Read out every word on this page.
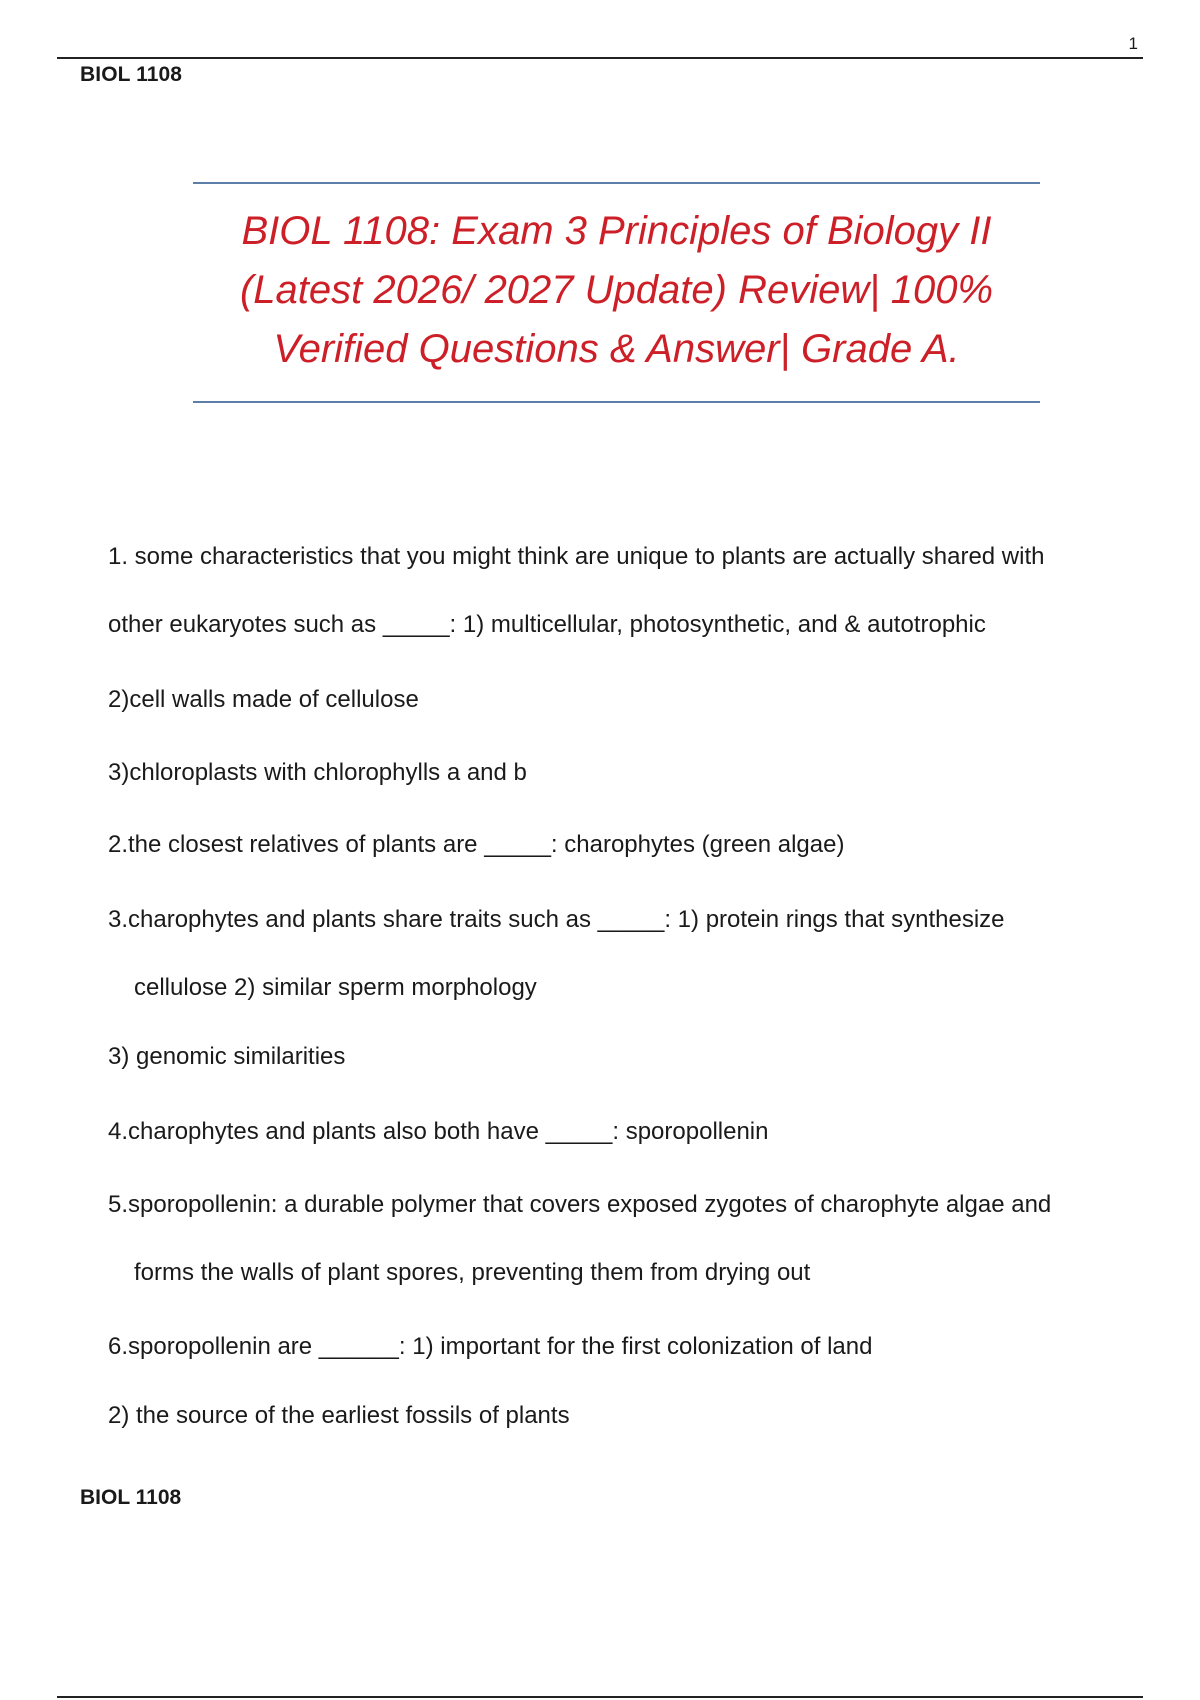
1
BIOL 1108
BIOL 1108: Exam 3 Principles of Biology II
(Latest 2026/ 2027 Update) Review| 100%
Verified Questions & Answer| Grade A.
1. some characteristics that you might think are unique to plants are actually shared with
other eukaryotes such as _____: 1) multicellular, photosynthetic, and & autotrophic
2)cell walls made of cellulose
3)chloroplasts with chlorophylls a and b
2.the closest relatives of plants are _____: charophytes (green algae)
3.charophytes and plants share traits such as _____: 1) protein rings that synthesize
cellulose 2) similar sperm morphology
3) genomic similarities
4.charophytes and plants also both have _____: sporopollenin
5.sporopollenin: a durable polymer that covers exposed zygotes of charophyte algae and
forms the walls of plant spores, preventing them from drying out
6.sporopollenin are ______: 1) important for the first colonization of land
2) the source of the earliest fossils of plants
BIOL 1108
